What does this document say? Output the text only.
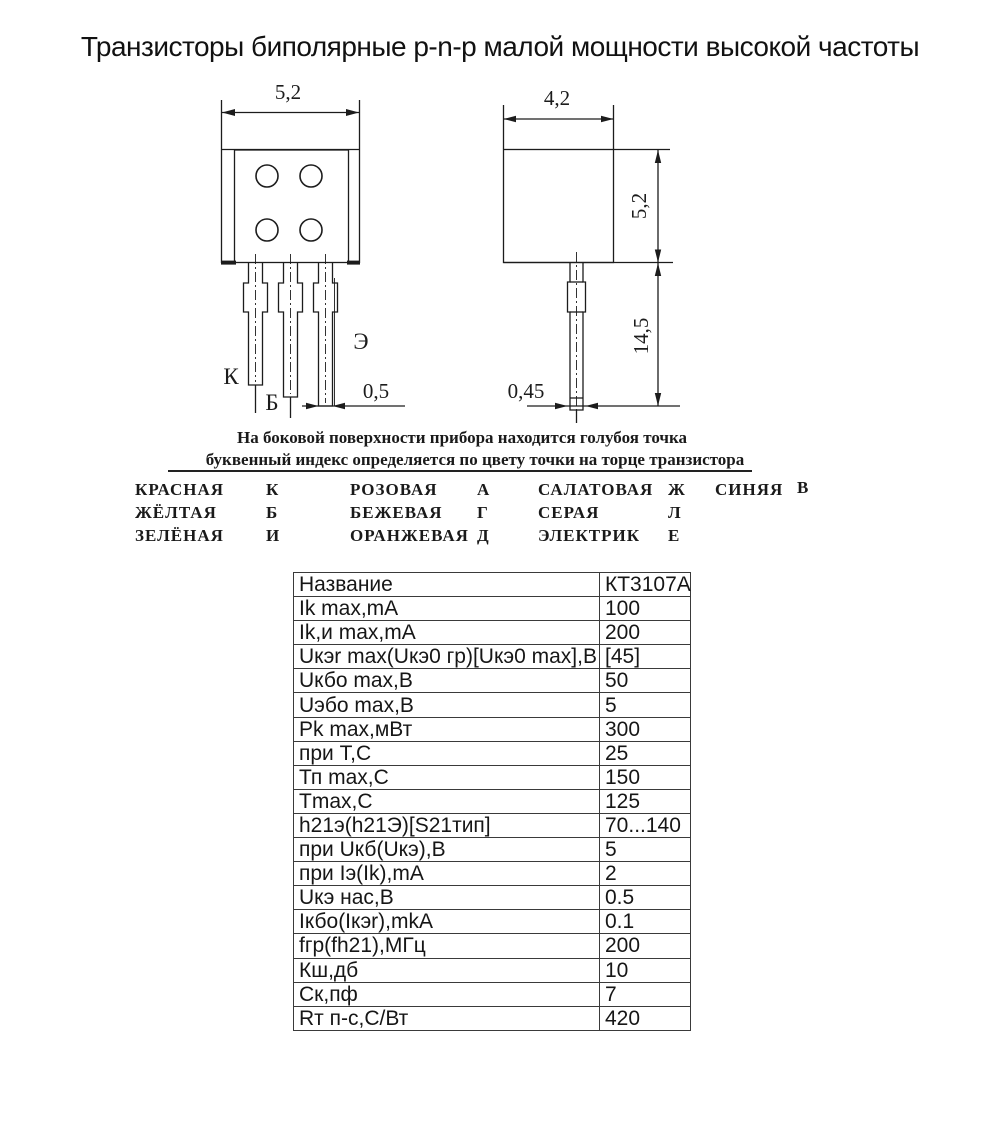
Транзисторы биполярные p-n-p малой мощности высокой частоты
5,2
0,5
К
Б
Э
4,2
5,2
14,5
0,45
На боковой поверхности прибора находится голубоя точка
буквенный индекс определяется по цвету точки на торце транзистора
КРАСНАЯ К	РОЗОВАЯ А	САЛАТОВАЯ Ж СИНЯЯ В
ЖЁЛТАЯ	Б	БЕЖЕВАЯ Г	СЕРАЯ	Л
ЗЕЛЁНАЯ И	ОРАНЖЕВАЯ Д	ЭЛЕКТРИК Е
Название	КТ3107А
Ik max,mA	100
Ik,и max,mA	200
Uкэr max(Uкэ0 гр)[Uкэ0 max],В	[45]
Uкбо max,В	50
Uэбо max,В	5
Pk max,мВт	300
при Т,С	25
Тп max,С	150
Tmax,С	125
h21э(h21Э)[S21тип]	70...140
при Uкб(Uкэ),В	5
при Iэ(Ik),mA	2
Uкэ нас,В	0.5
Iкбо(Iкэr),mkA	0.1
fгр(fh21),МГц	200
Кш,дб	10
Ск,пф	7
Rт п-с,С/Вт	420
